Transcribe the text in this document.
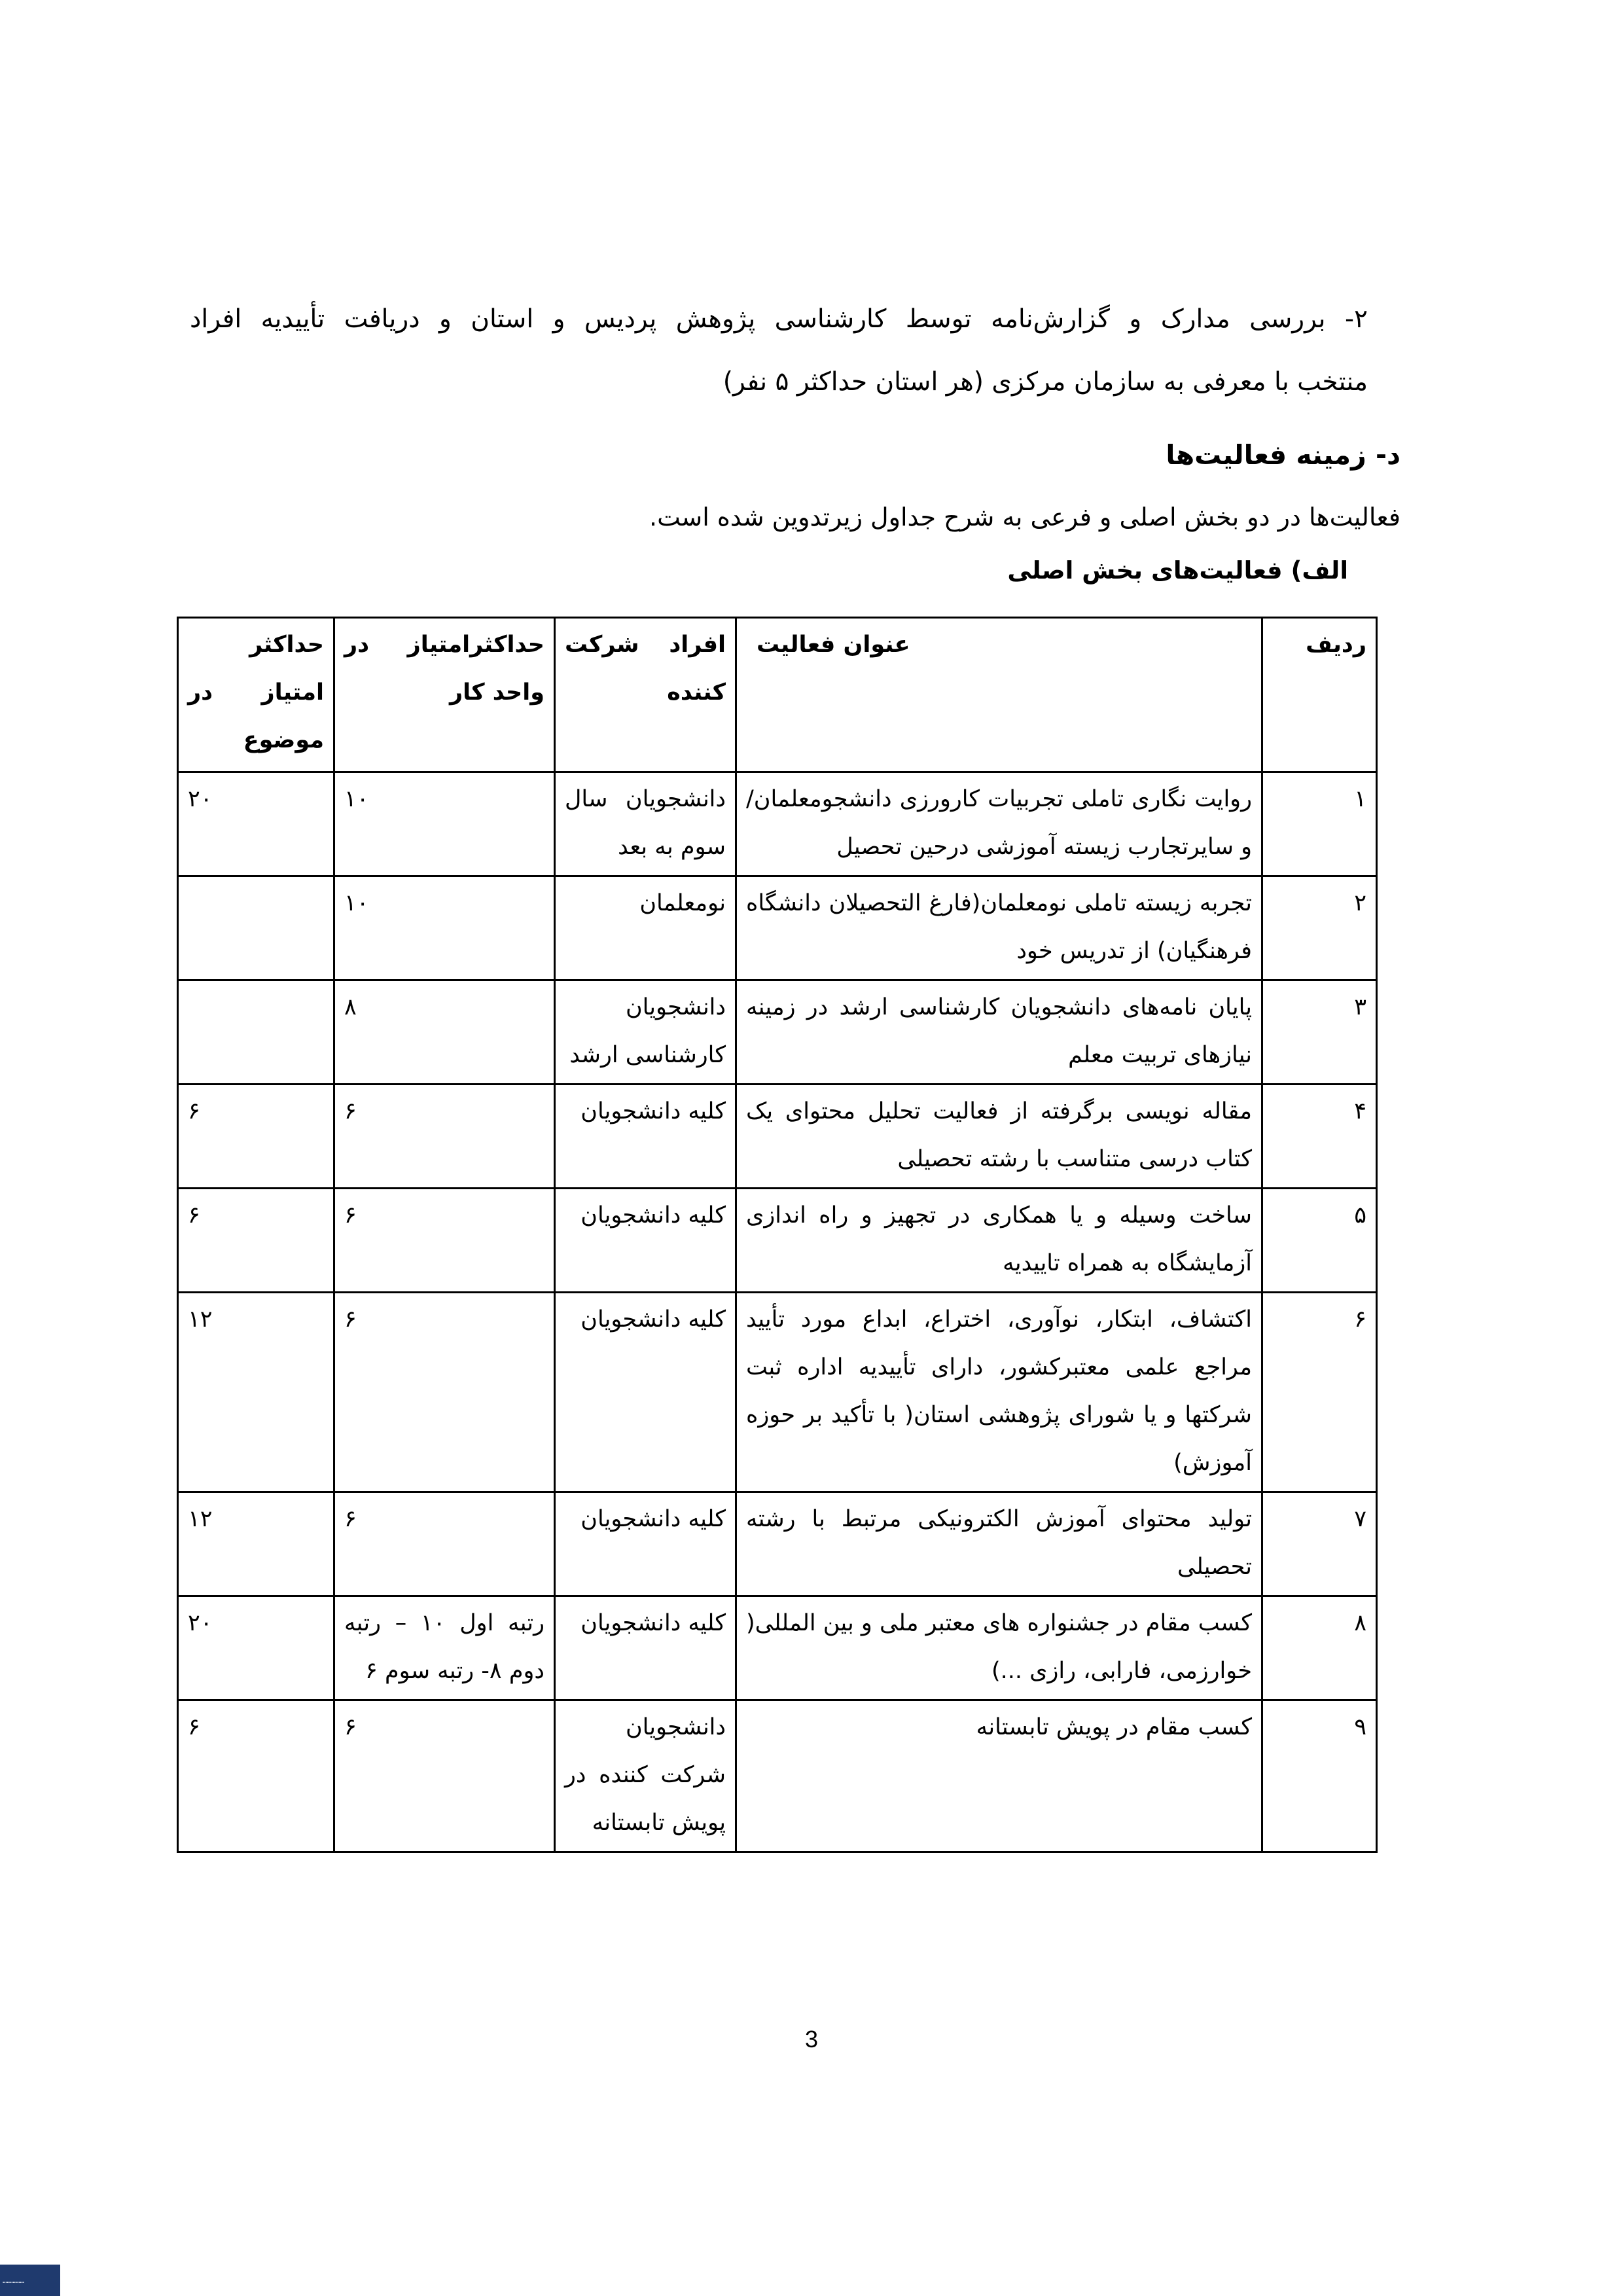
۲- بررسی مدارک و گزارش‌نامه توسط کارشناسی پژوهش پردیس و استان و دریافت تأییدیه افراد
منتخب با معرفی به سازمان مرکزی (هر استان حداکثر ۵ نفر)
د- زمینه فعالیت‌ها
فعالیت‌ها در دو بخش اصلی و فرعی به شرح جداول زیرتدوین شده است.
الف) فعالیت‌های بخش اصلی
ردیف	عنوان فعالیت	افراد شرکت کننده	حداکثرامتیاز در واحد کار	حداکثر امتیاز در موضوع
۱	روایت نگاری تاملی تجربیات کارورزی دانشجومعلمان/ و سایرتجارب زیسته آموزشی درحین تحصیل	دانشجویان سال سوم به بعد	۱۰	۲۰
۲	تجربه زیسته تاملی نومعلمان(فارغ التحصیلان دانشگاه فرهنگیان) از تدریس خود	نومعلمان	۱۰	
۳	پایان نامه‌های دانشجویان کارشناسی ارشد در زمینه نیازهای تربیت معلم	دانشجویان کارشناسی ارشد	۸	
۴	مقاله نویسی برگرفته از فعالیت تحلیل محتوای یک کتاب درسی متناسب با رشته تحصیلی	کلیه دانشجویان	۶	۶
۵	ساخت وسیله و یا همکاری در تجهیز و راه اندازی آزمایشگاه به همراه تاییدیه	کلیه دانشجویان	۶	۶
۶	اکتشاف، ابتکار، نوآوری، اختراع، ابداع مورد تأیید مراجع علمی معتبرکشور، دارای تأییدیه اداره ثبت شرکتها و یا شورای پژوهشی استان( با تأکید بر حوزه آموزش)	کلیه دانشجویان	۶	۱۲
۷	تولید محتوای آموزش الکترونیکی مرتبط با رشته تحصیلی	کلیه دانشجویان	۶	۱۲
۸	کسب مقام در جشنواره های معتبر ملی و بین المللی( خوارزمی، فارابی، رازی ...)	کلیه دانشجویان	رتبه اول ۱۰ – رتبه دوم ۸- رتبه سوم ۶	۲۰
۹	کسب مقام در پویش تابستانه	دانشجویان شرکت کننده در پویش تابستانه	۶	۶
3
……………
